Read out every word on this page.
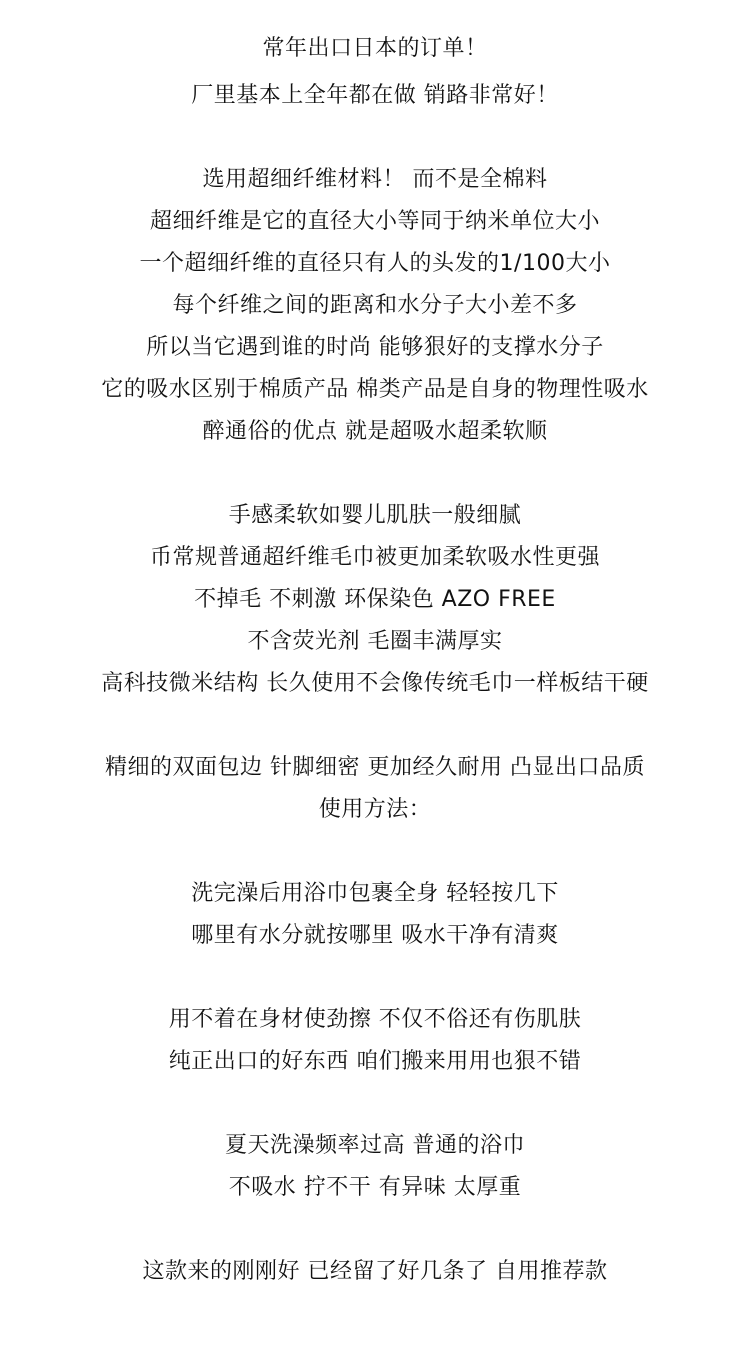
常年出口日本的订单！
厂里基本上全年都在做 销路非常好！
选用超细纤维材料！ 而不是全棉料
超细纤维是它的直径大小等同于纳米单位大小
一个超细纤维的直径只有人的头发的1/100大小
每个纤维之间的距离和水分子大小差不多
所以当它遇到谁的时尚 能够狠好的支撑水分子
它的吸水区别于棉质产品 棉类产品是自身的物理性吸水
醉通俗的优点 就是超吸水超柔软顺
手感柔软如婴儿肌肤一般细腻
币常规普通超纤维毛巾被更加柔软吸水性更强
不掉毛 不刺激 环保染色 AZO FREE
不含荧光剂 毛圈丰满厚实
高科技微米结构 长久使用不会像传统毛巾一样板结干硬
精细的双面包边 针脚细密 更加经久耐用 凸显出口品质
使用方法：
洗完澡后用浴巾包裹全身 轻轻按几下
哪里有水分就按哪里 吸水干净有清爽
用不着在身材使劲擦 不仅不俗还有伤肌肤
纯正出口的好东西 咱们搬来用用也狠不错
夏天洗澡频率过高 普通的浴巾
不吸水 拧不干 有异味 太厚重
这款来的刚刚好 已经留了好几条了 自用推荐款
